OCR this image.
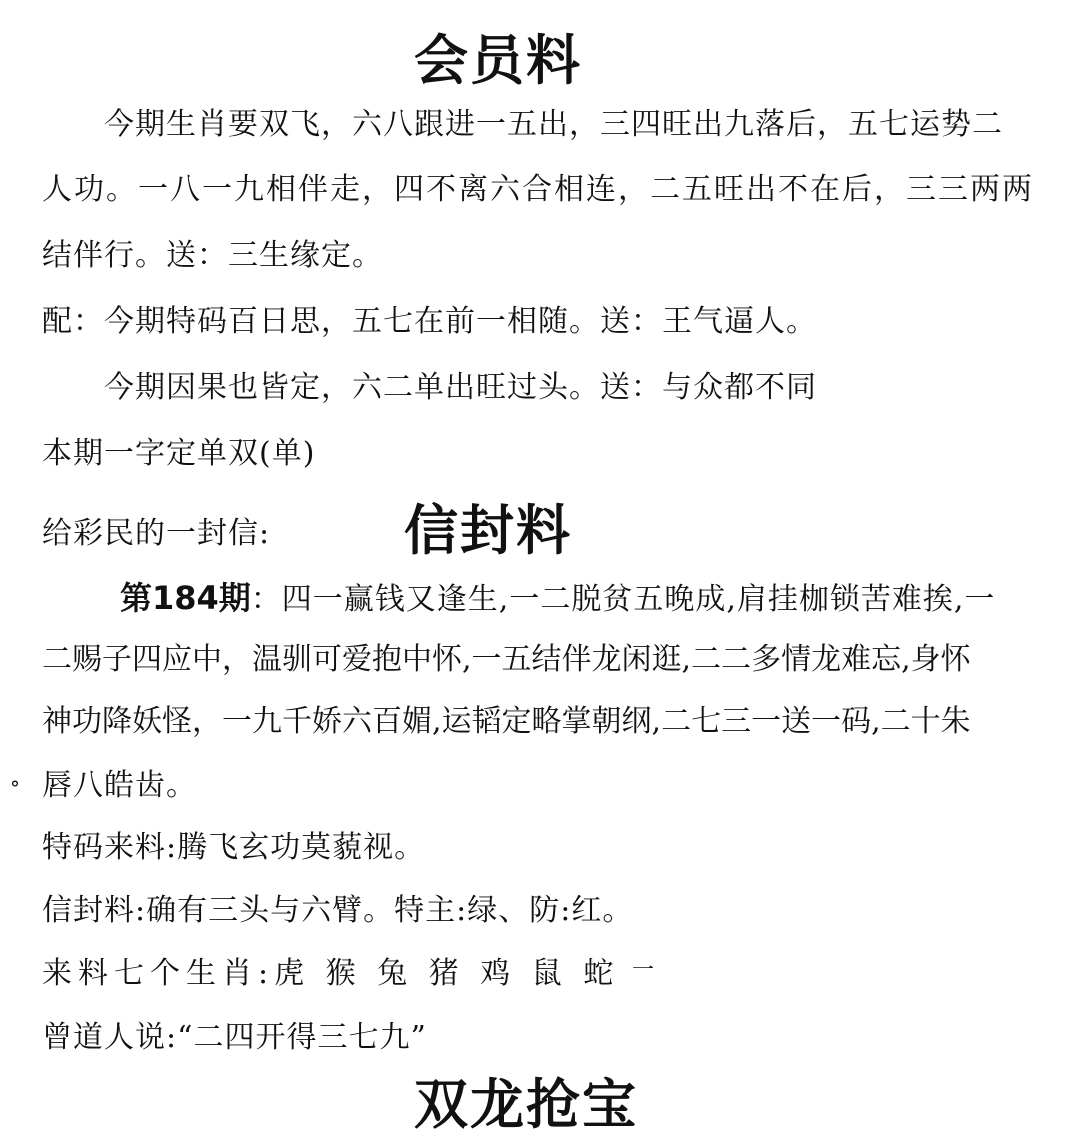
会员料
今期生肖要双飞，六八跟进一五出，三四旺出九落后，五七运势二
人功。一八一九相伴走，四不离六合相连，二五旺出不在后，三三两两
结伴行。送：三生缘定。
配：今期特码百日思，五七在前一相随。送：王气逼人。
今期因果也皆定，六二单出旺过头。送：与众都不同
本期一字定单双(单)
给彩民的一封信: 信封料
第184期：四一赢钱又逢生,一二脱贫五晚成,肩挂枷锁苦难挨,一
二赐子四应中，温驯可爱抱中怀,一五结伴龙闲逛,二二多情龙难忘,身怀
神功降妖怪，一九千娇六百媚,运韬定略掌朝纲,二七三一送一码,二十朱
° 唇八皓齿。
特码来料:腾飞玄功莫藐视。
信封料:确有三头与六臂。特主:绿、防:红。
来料七个生肖:虎 猴 兔 猪 鸡 鼠 蛇 一
曾道人说:“二四开得三七九”
双龙抢宝
